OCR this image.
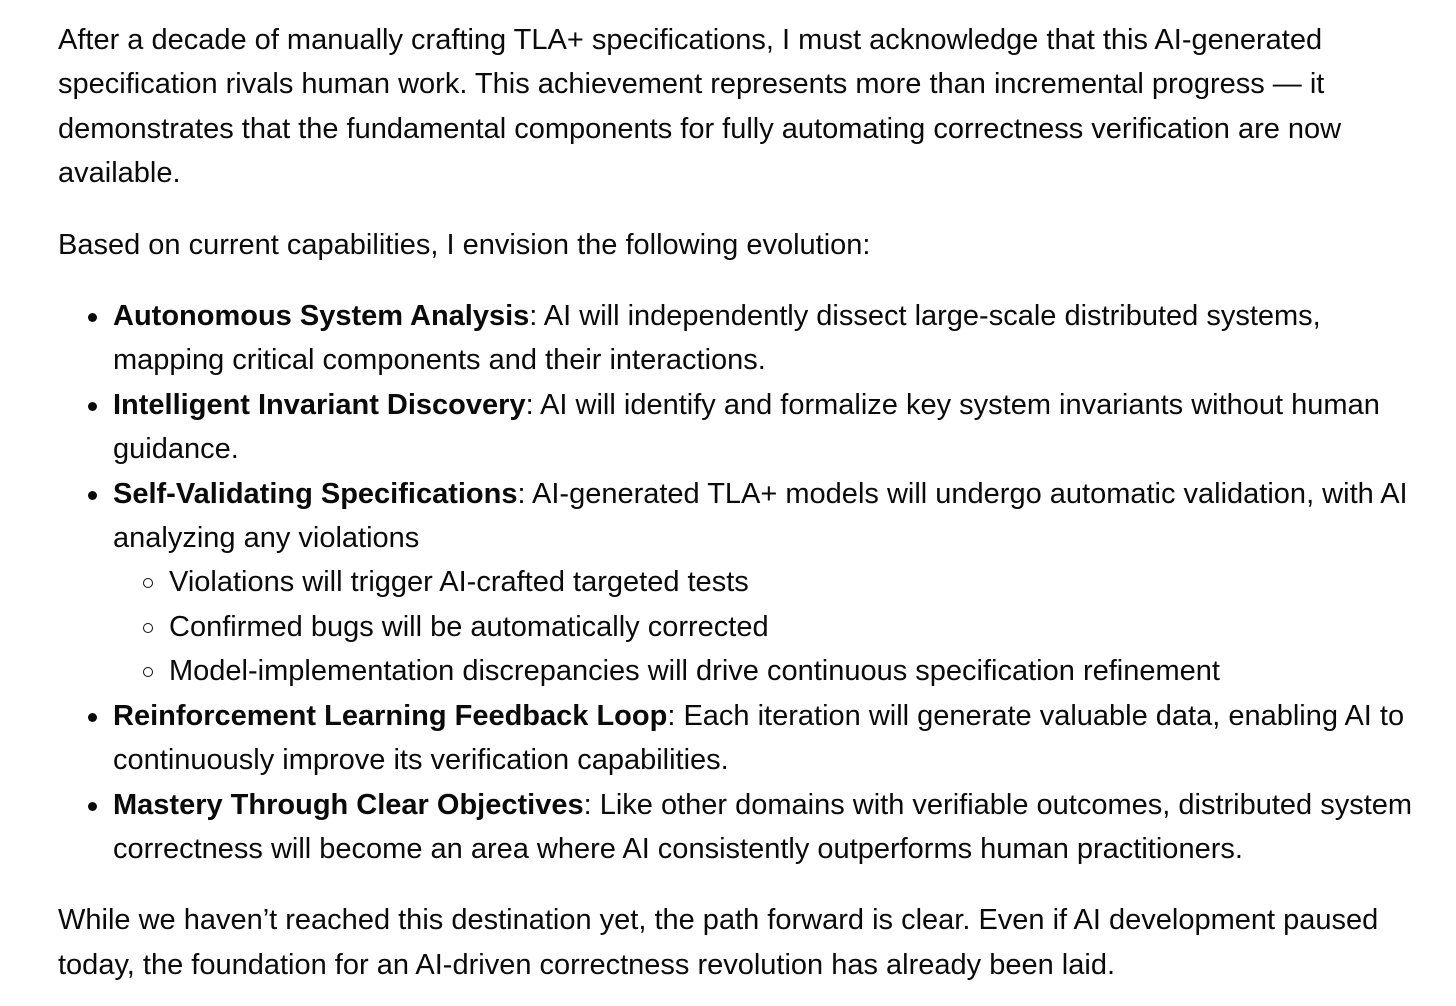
After a decade of manually crafting TLA+ specifications, I must acknowledge that this AI-generated specification rivals human work. This achievement represents more than incremental progress — it demonstrates that the fundamental components for fully automating correctness verification are now available.

Based on current capabilities, I envision the following evolution:

Autonomous System Analysis: AI will independently dissect large-scale distributed systems, mapping critical components and their interactions.
Intelligent Invariant Discovery: AI will identify and formalize key system invariants without human guidance.
Self-Validating Specifications: AI-generated TLA+ models will undergo automatic validation, with AI analyzing any violations
Violations will trigger AI-crafted targeted tests
Confirmed bugs will be automatically corrected
Model-implementation discrepancies will drive continuous specification refinement
Reinforcement Learning Feedback Loop: Each iteration will generate valuable data, enabling AI to continuously improve its verification capabilities.
Mastery Through Clear Objectives: Like other domains with verifiable outcomes, distributed system correctness will become an area where AI consistently outperforms human practitioners.

While we haven’t reached this destination yet, the path forward is clear. Even if AI development paused today, the foundation for an AI-driven correctness revolution has already been laid.
